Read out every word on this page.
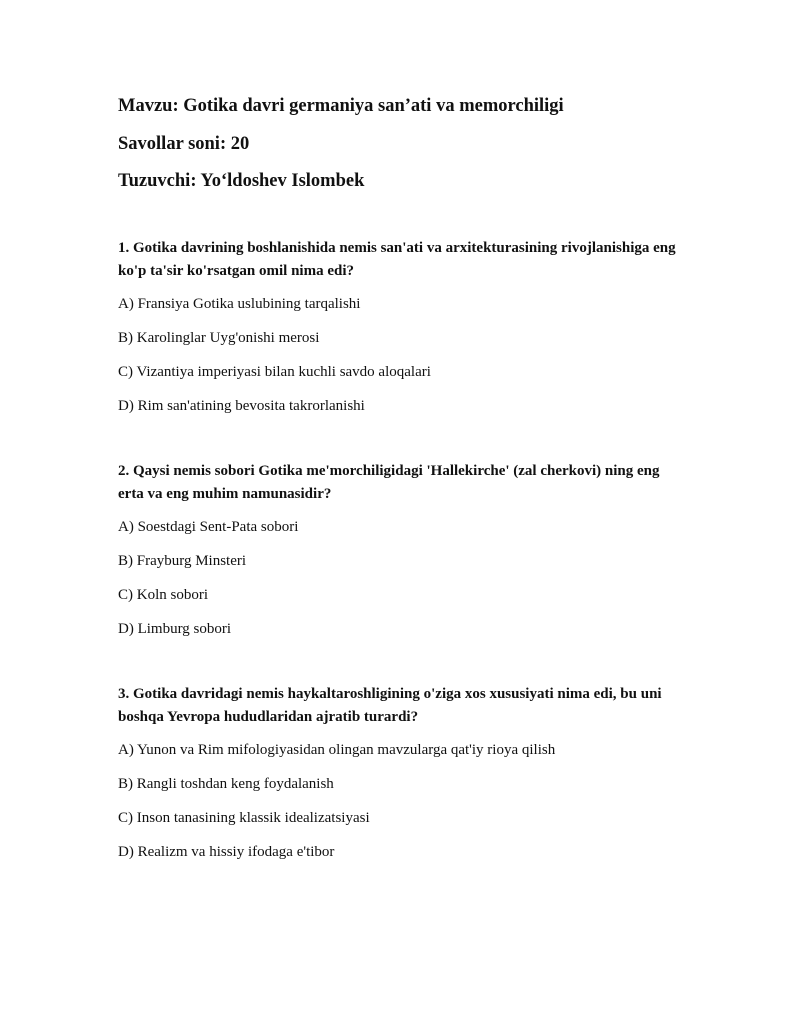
Mavzu: Gotika davri germaniya san’ati va memorchiligi
Savollar soni: 20
Tuzuvchi: Yo‘ldoshev Islombek

1. Gotika davrining boshlanishida nemis san'ati va arxitekturasining rivojlanishiga eng ko'p ta'sir ko'rsatgan omil nima edi?

A) Fransiya Gotika uslubining tarqalishi

B) Karolinglar Uyg'onishi merosi

C) Vizantiya imperiyasi bilan kuchli savdo aloqalari

D) Rim san'atining bevosita takrorlanishi

2. Qaysi nemis sobori Gotika me'morchiligidagi 'Hallekirche' (zal cherkovi) ning eng erta va eng muhim namunasidir?

A) Soestdagi Sent-Pata sobori

B) Frayburg Minsteri

C) Koln sobori

D) Limburg sobori

3. Gotika davridagi nemis haykaltaroshligining o'ziga xos xususiyati nima edi, bu uni boshqa Yevropa hududlaridan ajratib turardi?

A) Yunon va Rim mifologiyasidan olingan mavzularga qat'iy rioya qilish

B) Rangli toshdan keng foydalanish

C) Inson tanasining klassik idealizatsiyasi

D) Realizm va hissiy ifodaga e'tibor
